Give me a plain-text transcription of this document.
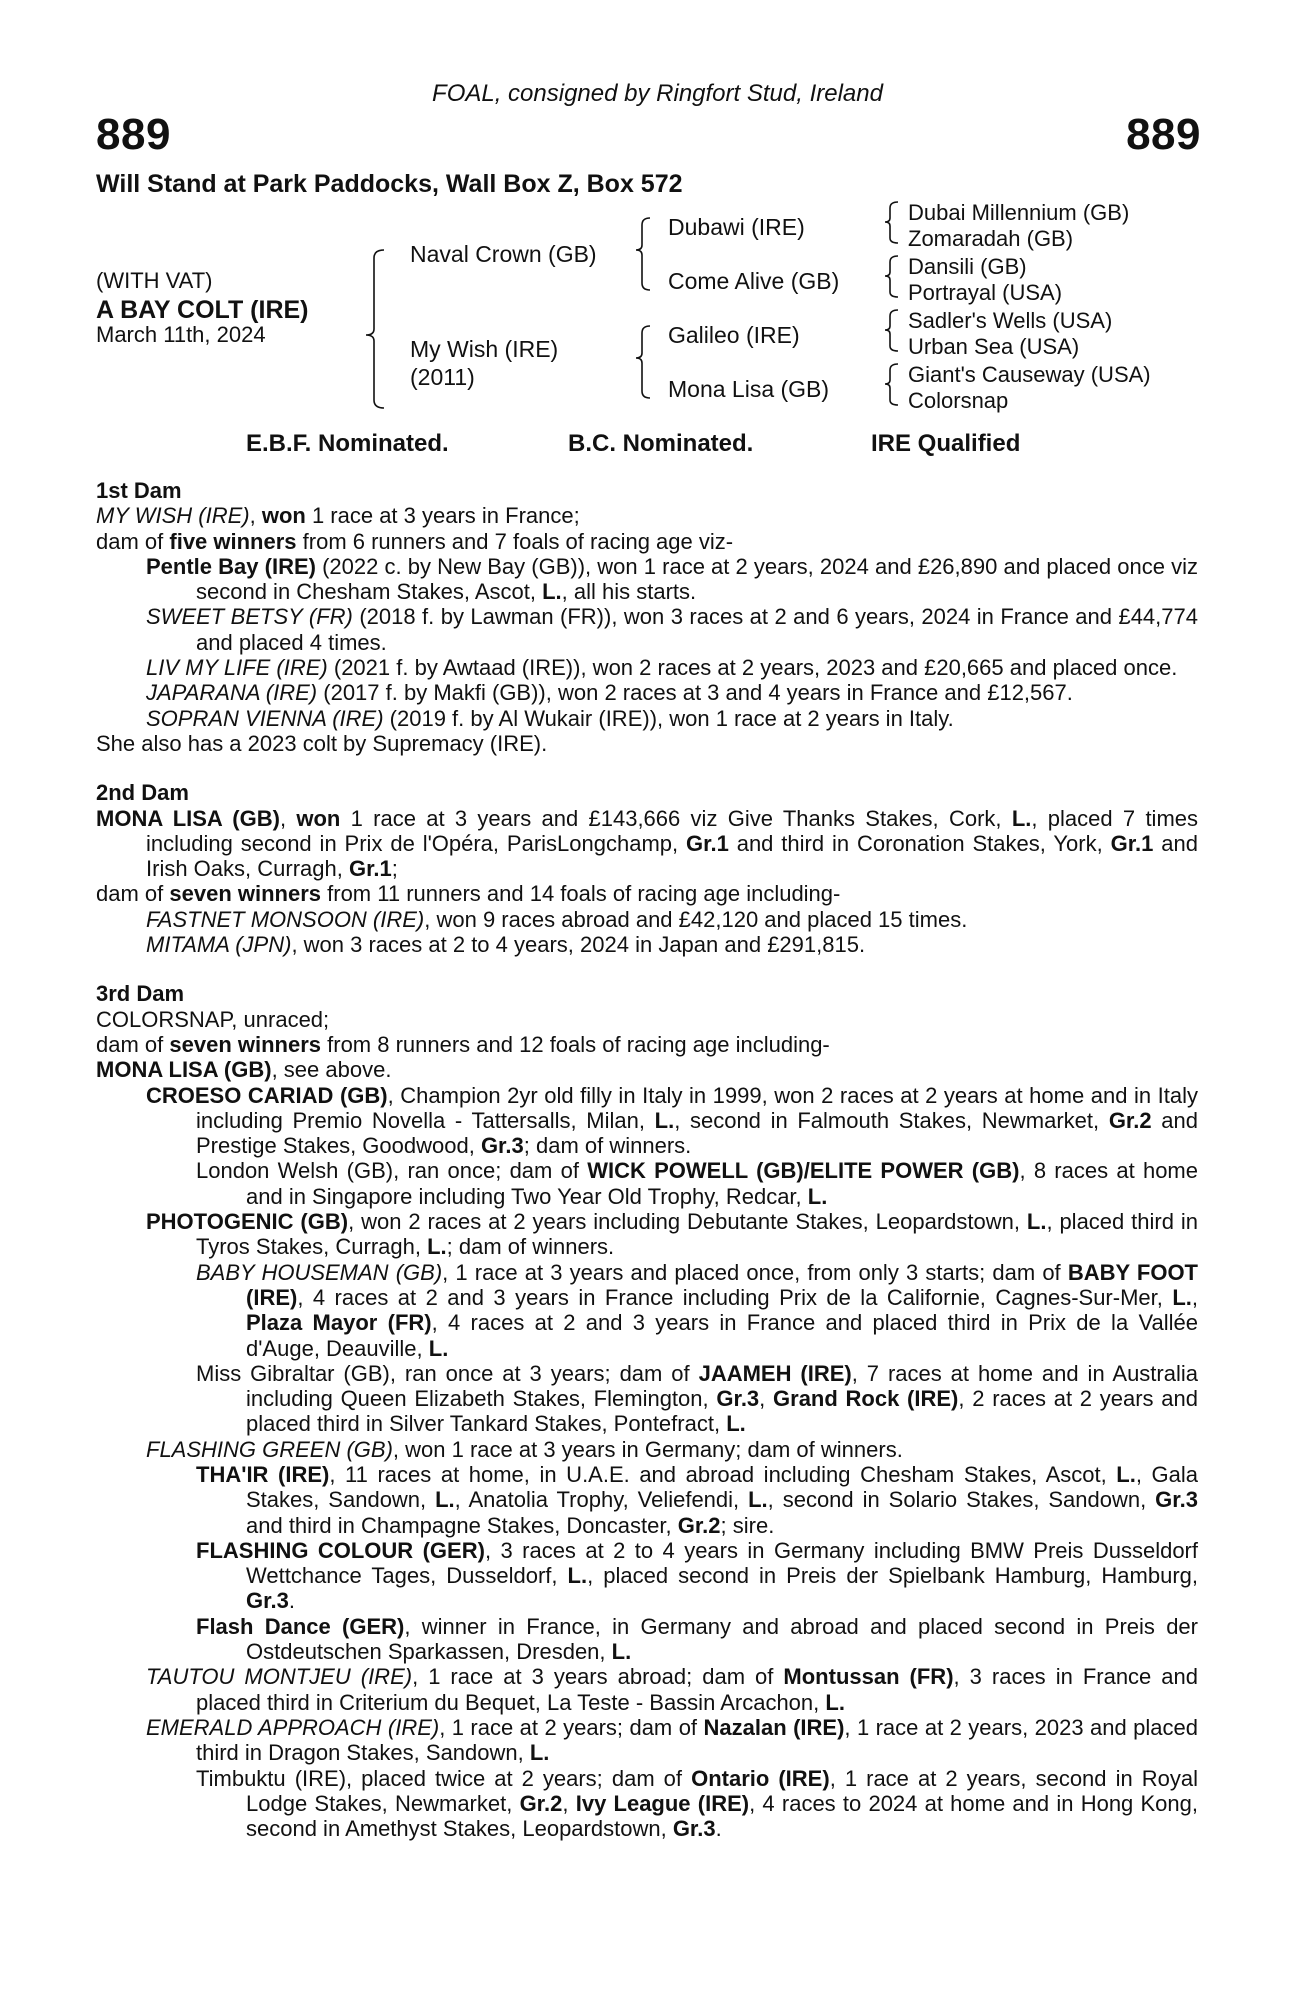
FOAL, consigned by Ringfort Stud, Ireland
889	889
Will Stand at Park Paddocks, Wall Box Z, Box 572
(WITH VAT)
A BAY COLT (IRE)
March 11th, 2024
Naval Crown (GB)
My Wish (IRE)
(2011)
Dubawi (IRE)
Come Alive (GB)
Galileo (IRE)
Mona Lisa (GB)
Dubai Millennium (GB)
Zomaradah (GB)
Dansili (GB)
Portrayal (USA)
Sadler's Wells (USA)
Urban Sea (USA)
Giant's Causeway (USA)
Colorsnap
E.B.F. Nominated.	B.C. Nominated.	IRE Qualified
1st Dam
MY WISH (IRE), won 1 race at 3 years in France;
dam of five winners from 6 runners and 7 foals of racing age viz-
Pentle Bay (IRE) (2022 c. by New Bay (GB)), won 1 race at 2 years, 2024 and £26,890 and placed once viz second in Chesham Stakes, Ascot, L., all his starts.
SWEET BETSY (FR) (2018 f. by Lawman (FR)), won 3 races at 2 and 6 years, 2024 in France and £44,774 and placed 4 times.
LIV MY LIFE (IRE) (2021 f. by Awtaad (IRE)), won 2 races at 2 years, 2023 and £20,665 and placed once.
JAPARANA (IRE) (2017 f. by Makfi (GB)), won 2 races at 3 and 4 years in France and £12,567.
SOPRAN VIENNA (IRE) (2019 f. by Al Wukair (IRE)), won 1 race at 2 years in Italy.
She also has a 2023 colt by Supremacy (IRE).
2nd Dam
MONA LISA (GB), won 1 race at 3 years and £143,666 viz Give Thanks Stakes, Cork, L., placed 7 times including second in Prix de l'Opéra, ParisLongchamp, Gr.1 and third in Coronation Stakes, York, Gr.1 and Irish Oaks, Curragh, Gr.1;
dam of seven winners from 11 runners and 14 foals of racing age including-
FASTNET MONSOON (IRE), won 9 races abroad and £42,120 and placed 15 times.
MITAMA (JPN), won 3 races at 2 to 4 years, 2024 in Japan and £291,815.
3rd Dam
COLORSNAP, unraced;
dam of seven winners from 8 runners and 12 foals of racing age including-
MONA LISA (GB), see above.
CROESO CARIAD (GB), Champion 2yr old filly in Italy in 1999, won 2 races at 2 years at home and in Italy including Premio Novella - Tattersalls, Milan, L., second in Falmouth Stakes, Newmarket, Gr.2 and Prestige Stakes, Goodwood, Gr.3; dam of winners.
London Welsh (GB), ran once; dam of WICK POWELL (GB)/ELITE POWER (GB), 8 races at home and in Singapore including Two Year Old Trophy, Redcar, L.
PHOTOGENIC (GB), won 2 races at 2 years including Debutante Stakes, Leopardstown, L., placed third in Tyros Stakes, Curragh, L.; dam of winners.
BABY HOUSEMAN (GB), 1 race at 3 years and placed once, from only 3 starts; dam of BABY FOOT (IRE), 4 races at 2 and 3 years in France including Prix de la Californie, Cagnes-Sur-Mer, L., Plaza Mayor (FR), 4 races at 2 and 3 years in France and placed third in Prix de la Vallée d'Auge, Deauville, L.
Miss Gibraltar (GB), ran once at 3 years; dam of JAAMEH (IRE), 7 races at home and in Australia including Queen Elizabeth Stakes, Flemington, Gr.3, Grand Rock (IRE), 2 races at 2 years and placed third in Silver Tankard Stakes, Pontefract, L.
FLASHING GREEN (GB), won 1 race at 3 years in Germany; dam of winners.
THA'IR (IRE), 11 races at home, in U.A.E. and abroad including Chesham Stakes, Ascot, L., Gala Stakes, Sandown, L., Anatolia Trophy, Veliefendi, L., second in Solario Stakes, Sandown, Gr.3 and third in Champagne Stakes, Doncaster, Gr.2; sire.
FLASHING COLOUR (GER), 3 races at 2 to 4 years in Germany including BMW Preis Dusseldorf Wettchance Tages, Dusseldorf, L., placed second in Preis der Spielbank Hamburg, Hamburg, Gr.3.
Flash Dance (GER), winner in France, in Germany and abroad and placed second in Preis der Ostdeutschen Sparkassen, Dresden, L.
TAUTOU MONTJEU (IRE), 1 race at 3 years abroad; dam of Montussan (FR), 3 races in France and placed third in Criterium du Bequet, La Teste - Bassin Arcachon, L.
EMERALD APPROACH (IRE), 1 race at 2 years; dam of Nazalan (IRE), 1 race at 2 years, 2023 and placed third in Dragon Stakes, Sandown, L.
Timbuktu (IRE), placed twice at 2 years; dam of Ontario (IRE), 1 race at 2 years, second in Royal Lodge Stakes, Newmarket, Gr.2, Ivy League (IRE), 4 races to 2024 at home and in Hong Kong, second in Amethyst Stakes, Leopardstown, Gr.3.
